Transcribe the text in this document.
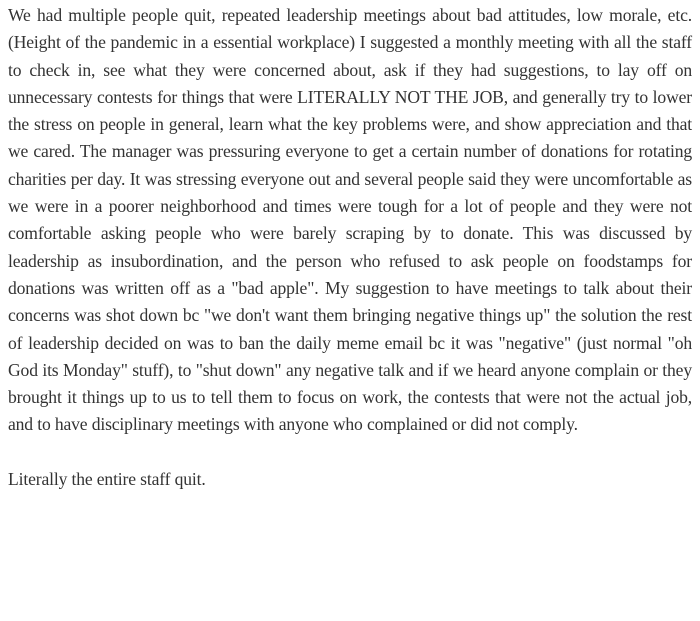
We had multiple people quit, repeated leadership meetings about bad attitudes, low morale, etc. (Height of the pandemic in a essential workplace) I suggested a monthly meeting with all the staff to check in, see what they were concerned about, ask if they had suggestions, to lay off on unnecessary contests for things that were LITERALLY NOT THE JOB, and generally try to lower the stress on people in general, learn what the key problems were, and show appreciation and that we cared. The manager was pressuring everyone to get a certain number of donations for rotating charities per day. It was stressing everyone out and several people said they were uncomfortable as we were in a poorer neighborhood and times were tough for a lot of people and they were not comfortable asking people who were barely scraping by to donate. This was discussed by leadership as insubordination, and the person who refused to ask people on foodstamps for donations was written off as a "bad apple". My suggestion to have meetings to talk about their concerns was shot down bc "we don't want them bringing negative things up" the solution the rest of leadership decided on was to ban the daily meme email bc it was "negative" (just normal "oh God its Monday" stuff), to "shut down" any negative talk and if we heard anyone complain or they brought it things up to us to tell them to focus on work, the contests that were not the actual job, and to have disciplinary meetings with anyone who complained or did not comply.

Literally the entire staff quit.
